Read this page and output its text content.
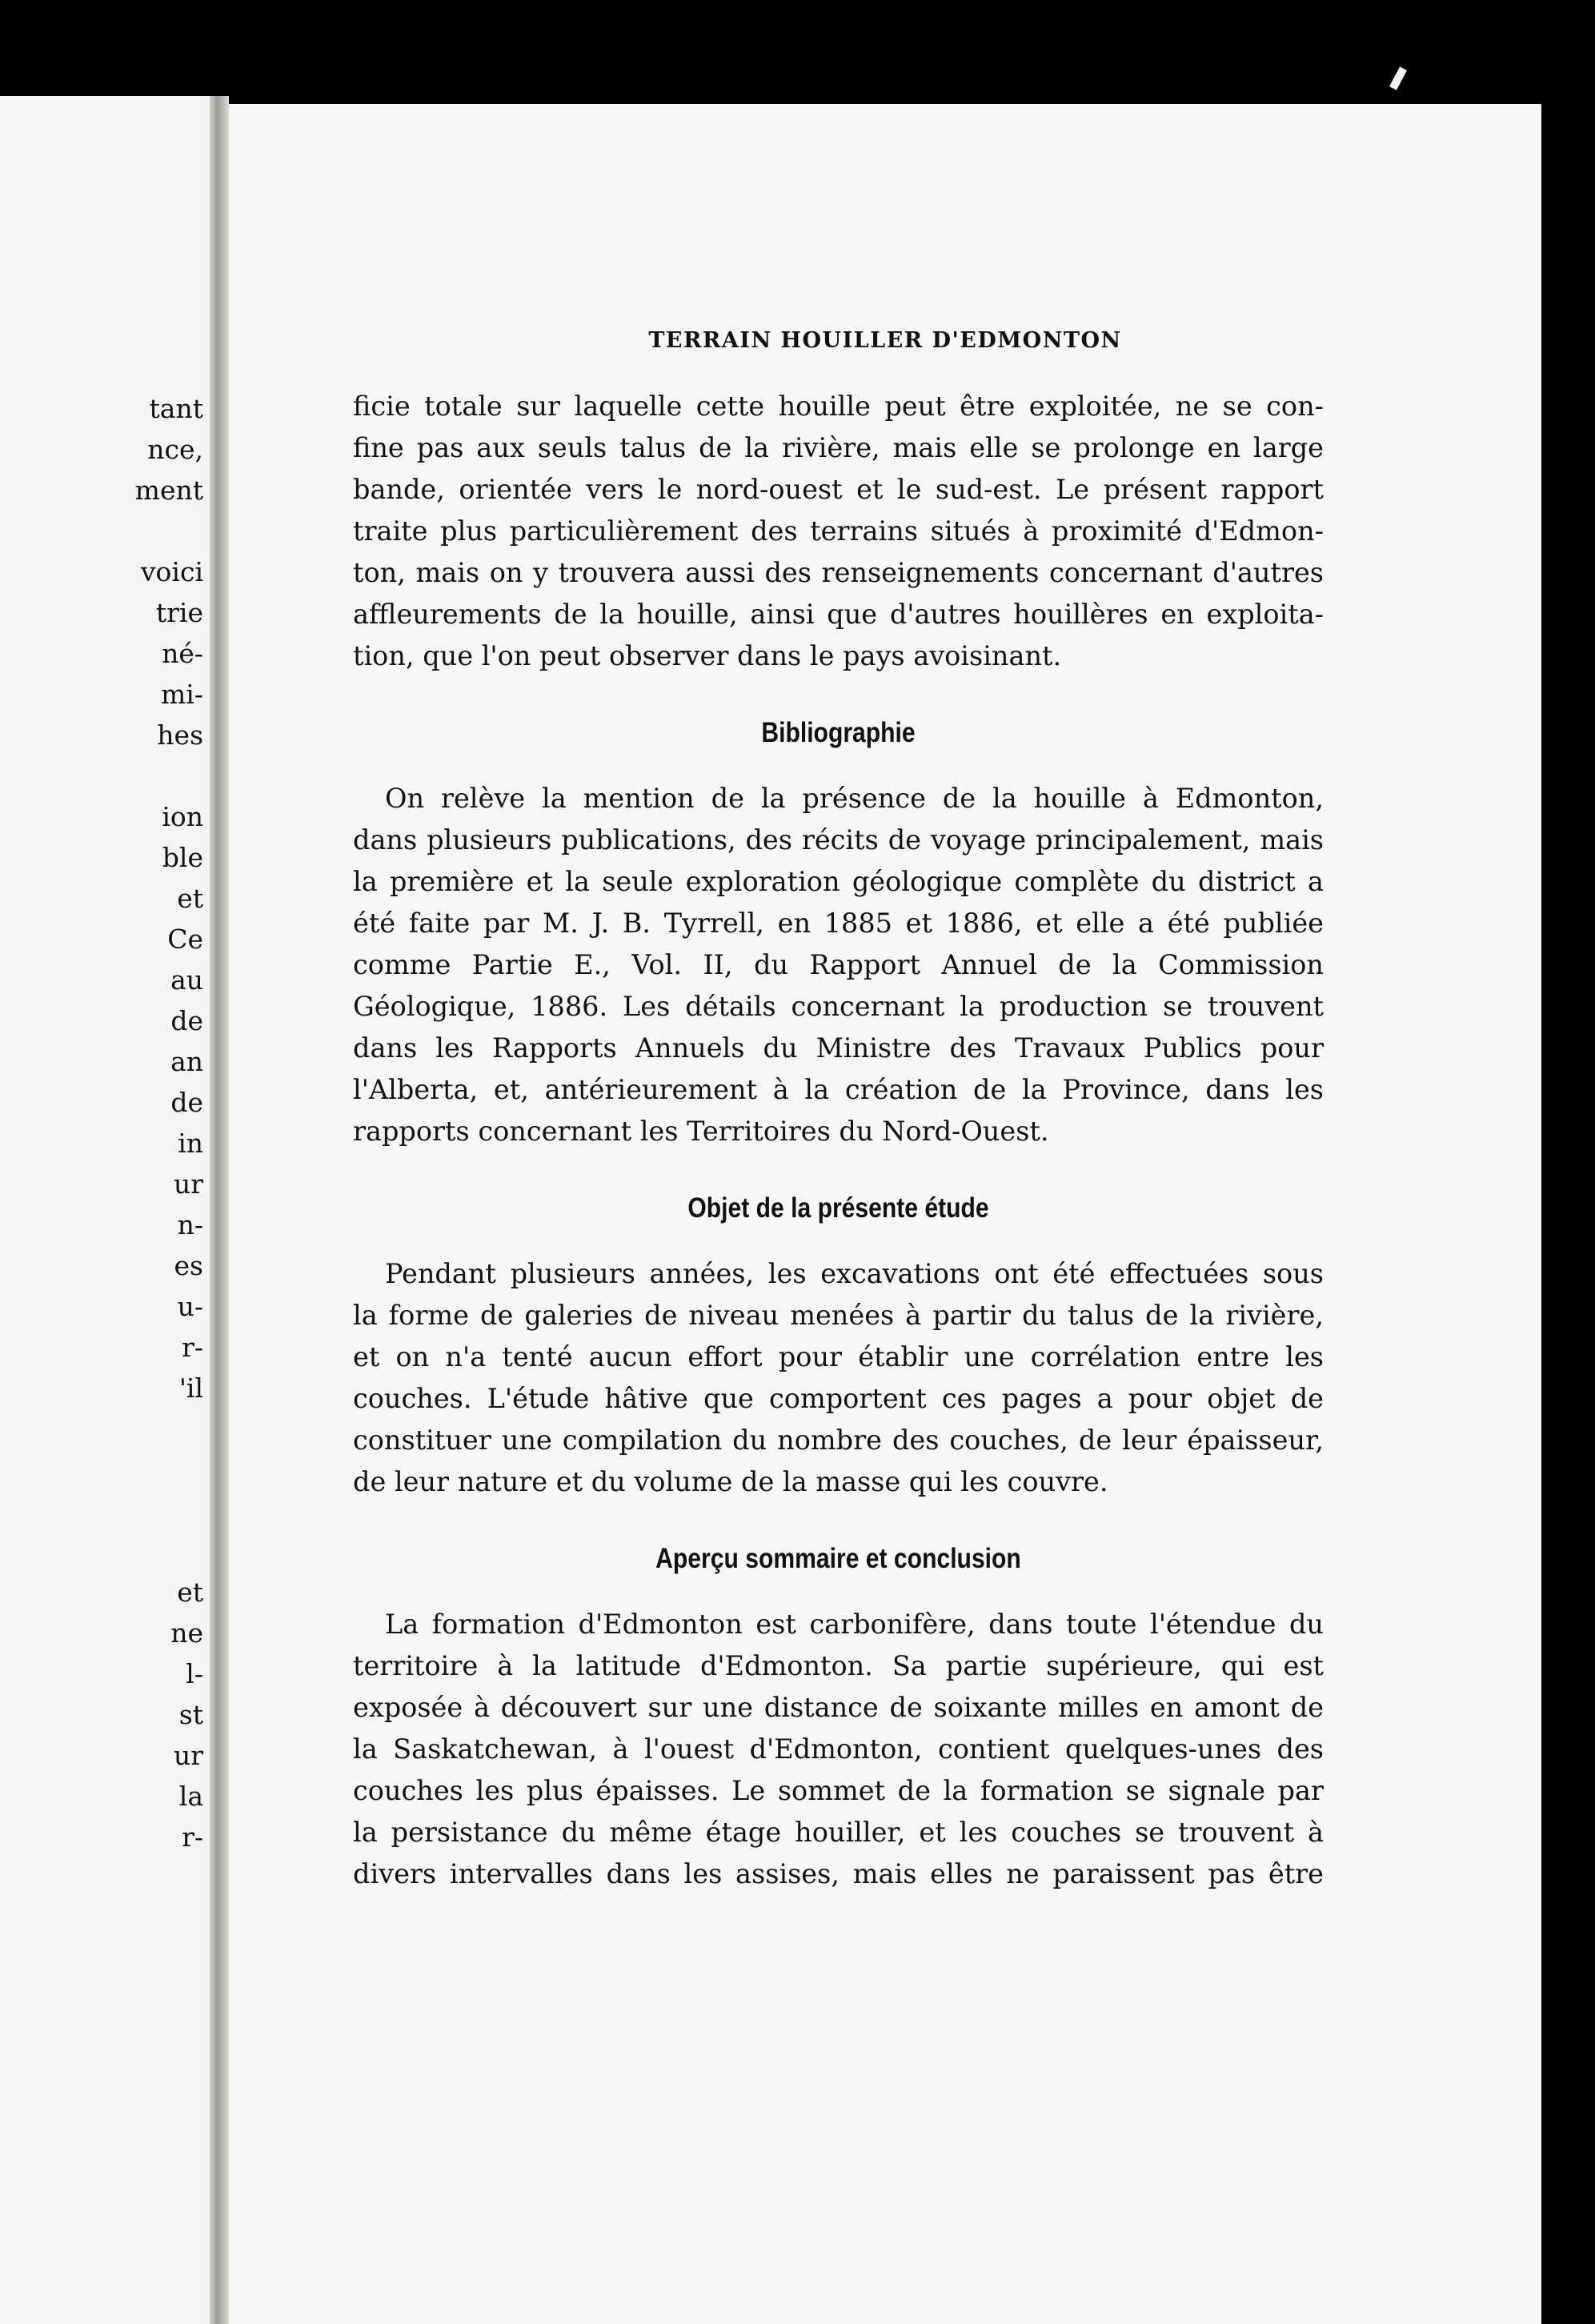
tant
nce,
ment
voici
trie
né-
mi-
hes
ion
ble
et
Ce
au
de
an
de
in
ur
n-
es
u-
r-
'il
et
ne
l-
st
ur
la
r-
TERRAIN HOUILLER D'EDMONTON

ficie totale sur laquelle cette houille peut être exploitée, ne se con-
fine pas aux seuls talus de la rivière, mais elle se prolonge en large
bande, orientée vers le nord-ouest et le sud-est. Le présent rapport
traite plus particulièrement des terrains situés à proximité d'Edmon-
ton, mais on y trouvera aussi des renseignements concernant d'autres
affleurements de la houille, ainsi que d'autres houillères en exploita-
tion, que l'on peut observer dans le pays avoisinant.

Bibliographie

On relève la mention de la présence de la houille à Edmonton,
dans plusieurs publications, des récits de voyage principalement, mais
la première et la seule exploration géologique complète du district a
été faite par M. J. B. Tyrrell, en 1885 et 1886, et elle a été publiée
comme Partie E., Vol. II, du Rapport Annuel de la Commission
Géologique, 1886. Les détails concernant la production se trouvent
dans les Rapports Annuels du Ministre des Travaux Publics pour
l'Alberta, et, antérieurement à la création de la Province, dans les
rapports concernant les Territoires du Nord-Ouest.

Objet de la présente étude

Pendant plusieurs années, les excavations ont été effectuées sous
la forme de galeries de niveau menées à partir du talus de la rivière,
et on n'a tenté aucun effort pour établir une corrélation entre les
couches. L'étude hâtive que comportent ces pages a pour objet de
constituer une compilation du nombre des couches, de leur épaisseur,
de leur nature et du volume de la masse qui les couvre.

Aperçu sommaire et conclusion

La formation d'Edmonton est carbonifère, dans toute l'étendue du
territoire à la latitude d'Edmonton. Sa partie supérieure, qui est
exposée à découvert sur une distance de soixante milles en amont de
la Saskatchewan, à l'ouest d'Edmonton, contient quelques-unes des
couches les plus épaisses. Le sommet de la formation se signale par
la persistance du même étage houiller, et les couches se trouvent à
divers intervalles dans les assises, mais elles ne paraissent pas être
